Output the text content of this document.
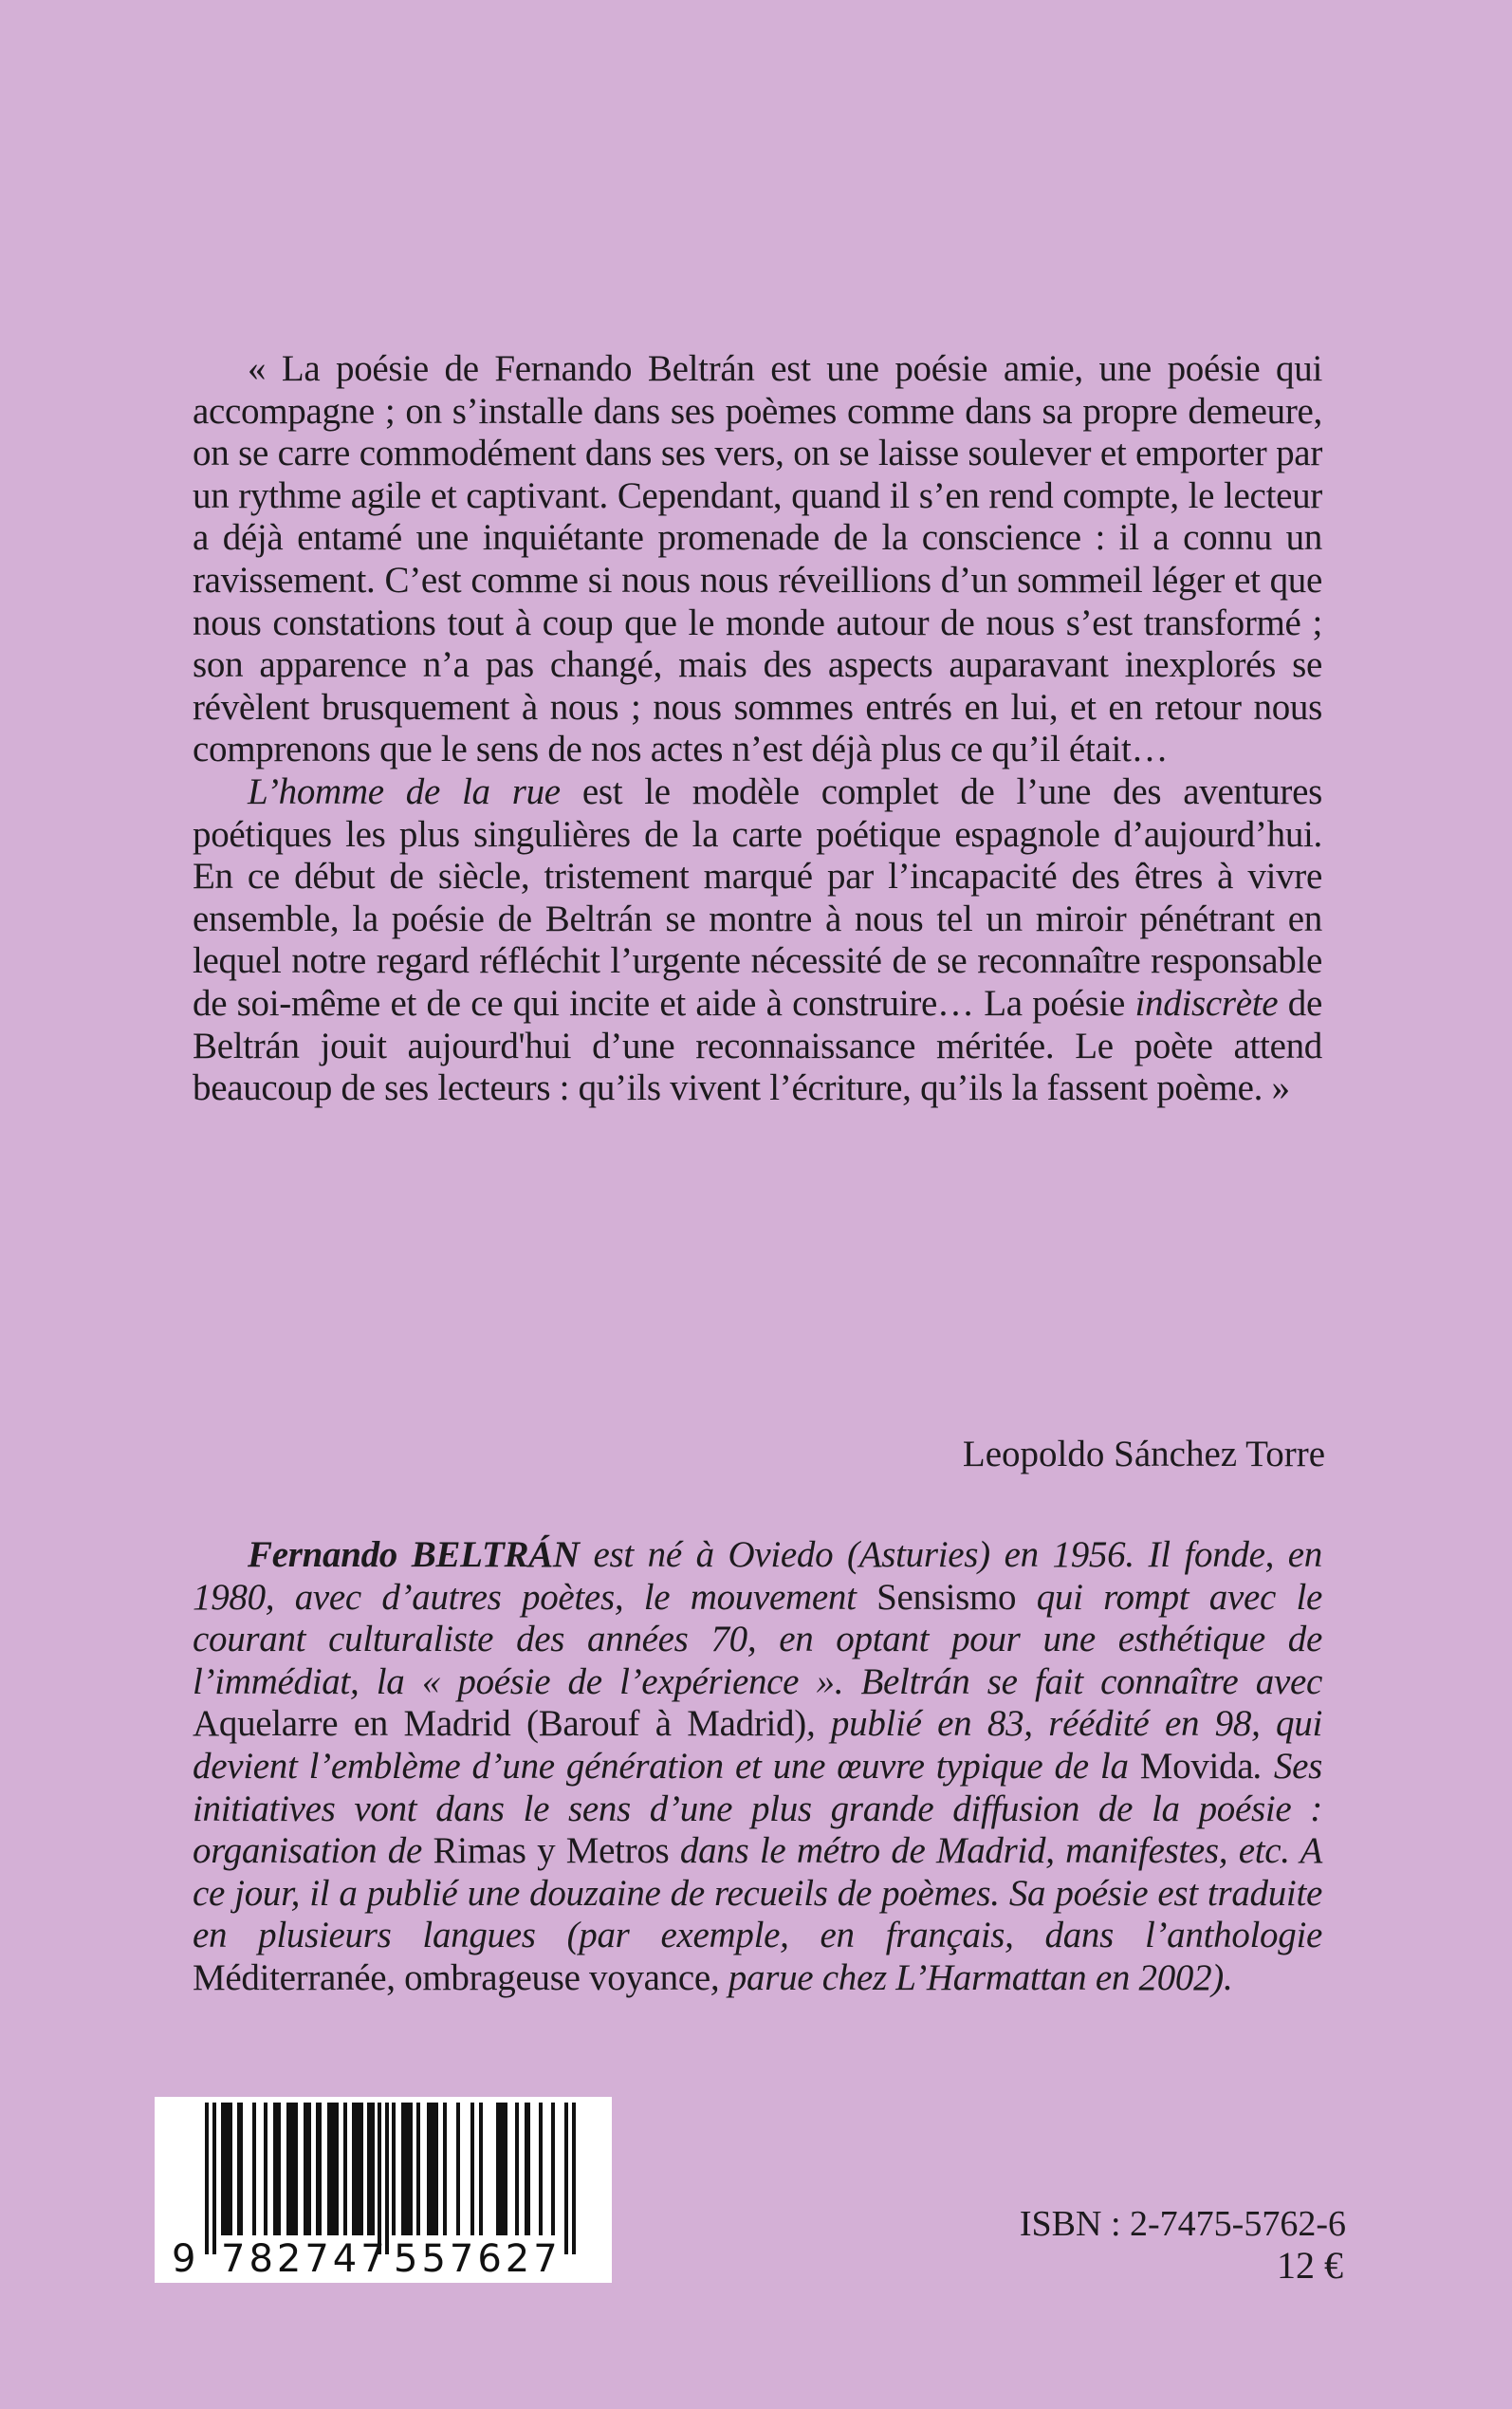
« La poésie de Fernando Beltrán est une poésie amie, une poésie qui accompagne ; on s’installe dans ses poèmes comme dans sa propre demeure, on se carre commodément dans ses vers, on se laisse soulever et emporter par un rythme agile et captivant. Cependant, quand il s’en rend compte, le lecteur a déjà entamé une inquiétante promenade de la conscience : il a connu un ravissement. C’est comme si nous nous réveillions d’un sommeil léger et que nous constations tout à coup que le monde autour de nous s’est transformé ; son apparence n’a pas changé, mais des aspects auparavant inexplorés se révèlent brusquement à nous ; nous sommes entrés en lui, et en retour nous comprenons que le sens de nos actes n’est déjà plus ce qu’il était…

L’homme de la rue est le modèle complet de l’une des aventures poétiques les plus singulières de la carte poétique espagnole d’aujourd’hui. En ce début de siècle, tristement marqué par l’incapacité des êtres à vivre ensemble, la poésie de Beltrán se montre à nous tel un miroir pénétrant en lequel notre regard réfléchit l’urgente nécessité de se reconnaître responsable de soi-même et de ce qui incite et aide à construire… La poésie indiscrète de Beltrán jouit aujourd'hui d’une reconnaissance méritée. Le poète attend beaucoup de ses lecteurs : qu’ils vivent l’écriture, qu’ils la fassent poème. »

Leopoldo Sánchez Torre

Fernando BELTRÁN est né à Oviedo (Asturies) en 1956. Il fonde, en 1980, avec d’autres poètes, le mouvement Sensismo qui rompt avec le courant culturaliste des années 70, en optant pour une esthétique de l’immédiat, la « poésie de l’expérience ». Beltrán se fait connaître avec Aquelarre en Madrid (Barouf à Madrid), publié en 83, réédité en 98, qui devient l’emblème d’une génération et une œuvre typique de la Movida. Ses initiatives vont dans le sens d’une plus grande diffusion de la poésie : organisation de Rimas y Metros dans le métro de Madrid, manifestes, etc. A ce jour, il a publié une douzaine de recueils de poèmes. Sa poésie est traduite en plusieurs langues (par exemple, en français, dans l’anthologie Méditerranée, ombrageuse voyance, parue chez L’Harmattan en 2002).

9 782747 557627
ISBN : 2-7475-5762-6
12 €
